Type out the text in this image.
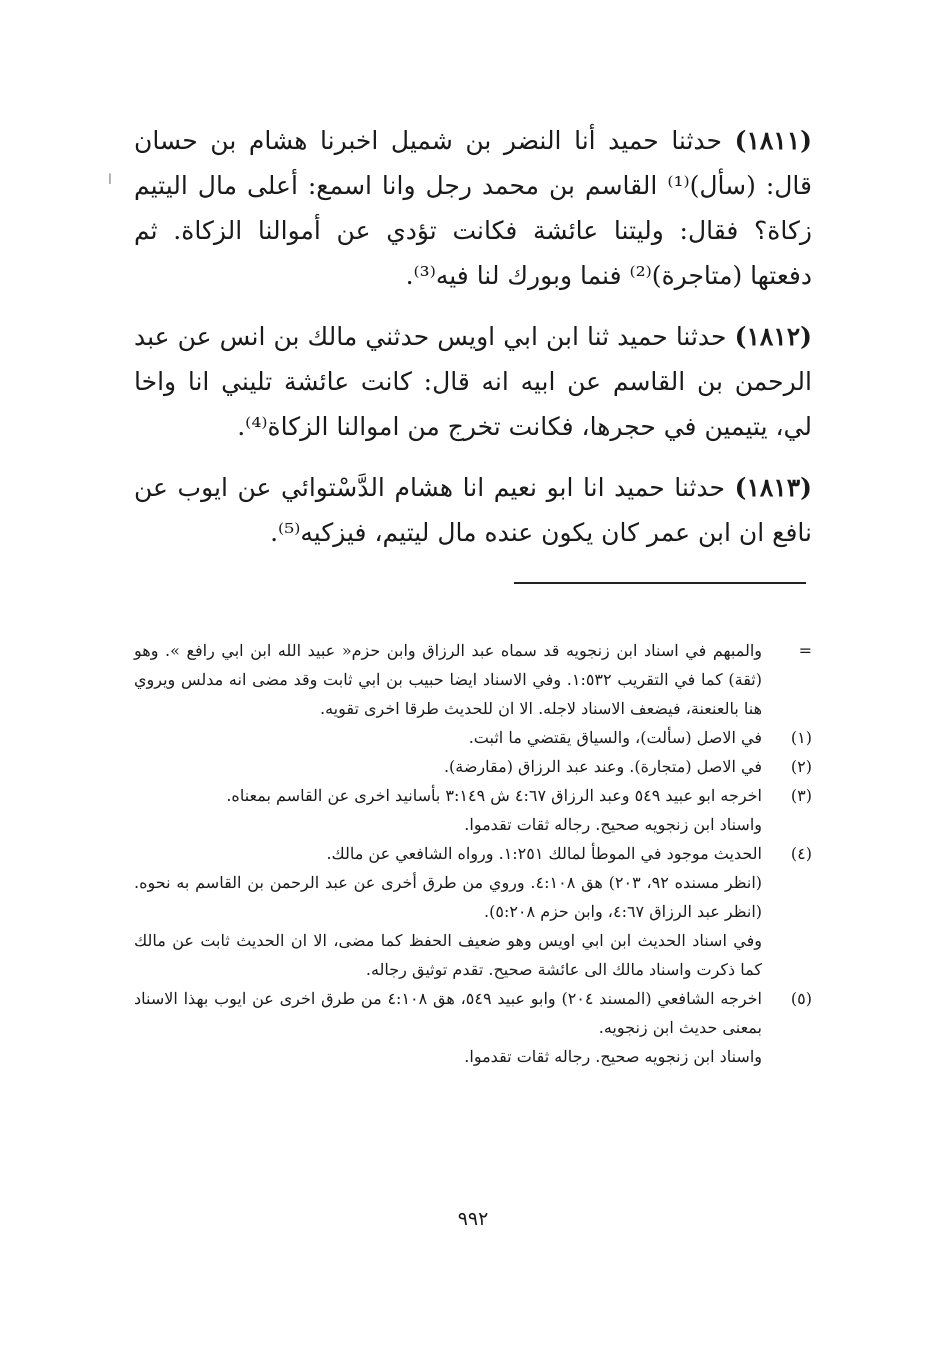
ا

(١٨١١) حدثنا حميد أنا النضر بن شميل اخبرنا هشام بن حسان قال: (سأل)⁽¹⁾ القاسم بن محمد رجل وانا اسمع: أعلى مال اليتيم زكاة؟ فقال: وليتنا عائشة فكانت تؤدي عن أموالنا الزكاة. ثم دفعتها (متاجرة)⁽²⁾ فنما وبورك لنا فيه⁽³⁾.

(١٨١٢) حدثنا حميد ثنا ابن ابي اويس حدثني مالك بن انس عن عبد الرحمن بن القاسم عن ابيه انه قال: كانت عائشة تليني انا واخا لي، يتيمين في حجرها، فكانت تخرج من اموالنا الزكاة⁽⁴⁾.

(١٨١٣) حدثنا حميد انا ابو نعيم انا هشام الدَّسْتوائي عن ايوب عن نافع ان ابن عمر كان يكون عنده مال ليتيم، فيزكيه⁽⁵⁾.

=

والمبهم في اسناد ابن زنجويه قد سماه عبد الرزاق وابن حزم« عبيد الله ابن ابي رافع ». وهو (ثقة) كما في التقريب ١:٥٣٢. وفي الاسناد ايضا حبيب بن ابي ثابت وقد مضى انه مدلس ويروي هنا بالعنعنة، فيضعف الاسناد لاجله. الا ان للحديث طرقا اخرى تقويه.

(١)

في الاصل (سألت)، والسياق يقتضي ما اثبت.

(٢)

في الاصل (متجارة). وعند عبد الرزاق (مقارضة).

(٣)

اخرجه ابو عبيد ٥٤٩ وعبد الرزاق ٤:٦٧ ش ٣:١٤٩ بأسانيد اخرى عن القاسم بمعناه.

واسناد ابن زنجويه صحيح. رجاله ثقات تقدموا.

(٤)

الحديث موجود في الموطأ لمالك ١:٢٥١. ورواه الشافعي عن مالك.

(انظر مسنده ٩٢، ٢٠٣) هق ٤:١٠٨. وروي من طرق أخرى عن عبد الرحمن بن القاسم به نحوه. (انظر عبد الرزاق ٤:٦٧، وابن حزم ٥:٢٠٨).

وفي اسناد الحديث ابن ابي اويس وهو ضعيف الحفظ كما مضى، الا ان الحديث ثابت عن مالك كما ذكرت واسناد مالك الى عائشة صحيح. تقدم توثيق رجاله.

(٥)

اخرجه الشافعي (المسند ٢٠٤) وابو عبيد ٥٤٩، هق ٤:١٠٨ من طرق اخرى عن ايوب بهذا الاسناد بمعنى حديث ابن زنجويه.

واسناد ابن زنجويه صحيح. رجاله ثقات تقدموا.

٩٩٢
